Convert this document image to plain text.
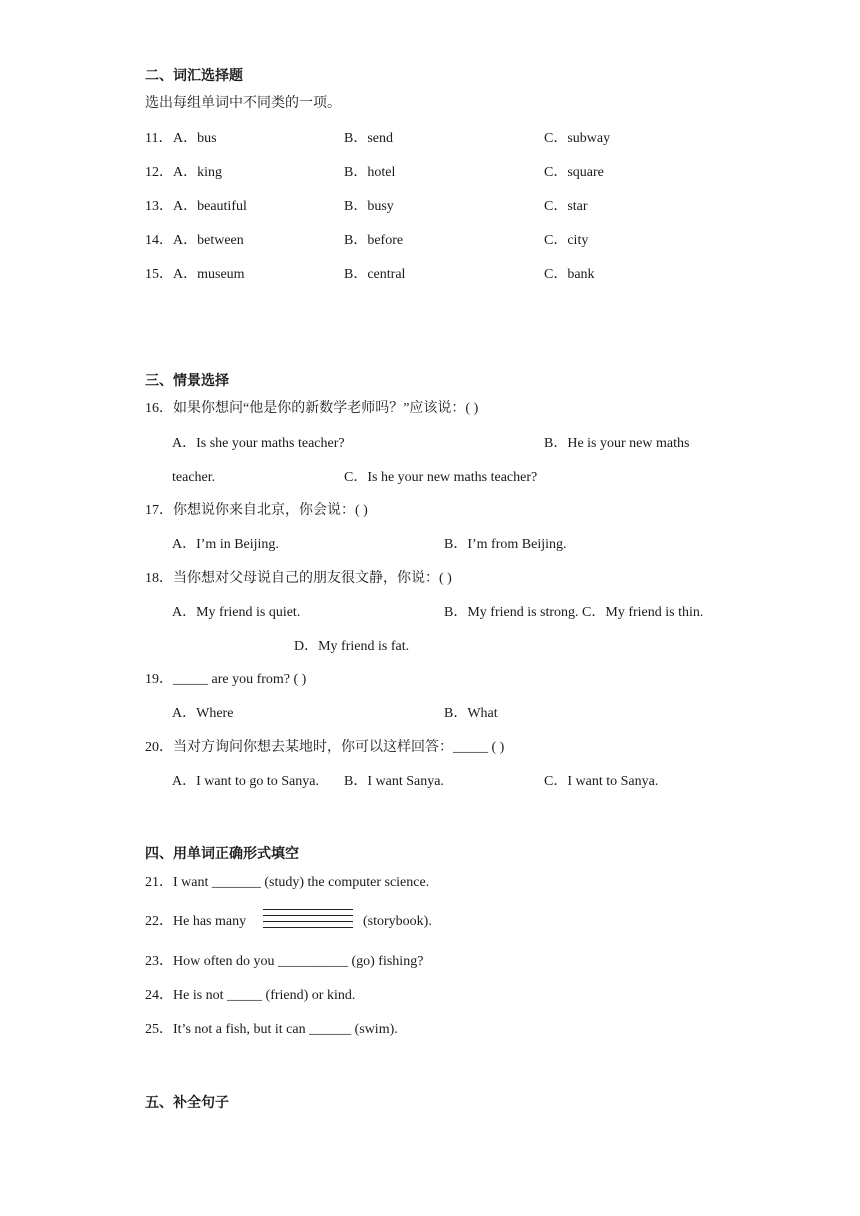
二、词汇选择题
选出每组单词中不同类的一项。
11． A．bus	B．send	C．subway
12． A．king	B．hotel	C．square
13． A．beautiful	B．busy	C．star
14． A．between	B．before	C．city
15． A．museum	B．central	C．bank
三、情景选择
16．如果你想问“他是你的新数学老师吗？”应该说：( )
A．Is she your maths teacher?	B．He is your new maths
teacher.	C．Is he your new maths teacher?
17．你想说你来自北京，你会说：( )
A．I’m in Beijing.	B．I’m from Beijing.
18．当你想对父母说自己的朋友很文静，你说：( )
A．My friend is quiet.	B．My friend is strong. C．My friend is thin.
D．My friend is fat.
19．_____ are you from? ( )
A．Where	B．What
20．当对方询问你想去某地时，你可以这样回答：_____ ( )
A．I want to go to Sanya. B．I want Sanya.	C．I want to Sanya.
四、用单词正确形式填空
21．I want _______ (study) the computer science.
22．He has many	(storybook).
23．How often do you __________ (go) fishing?
24．He is not _____ (friend) or kind.
25．It’s not a fish, but it can ______ (swim).
五、补全句子
